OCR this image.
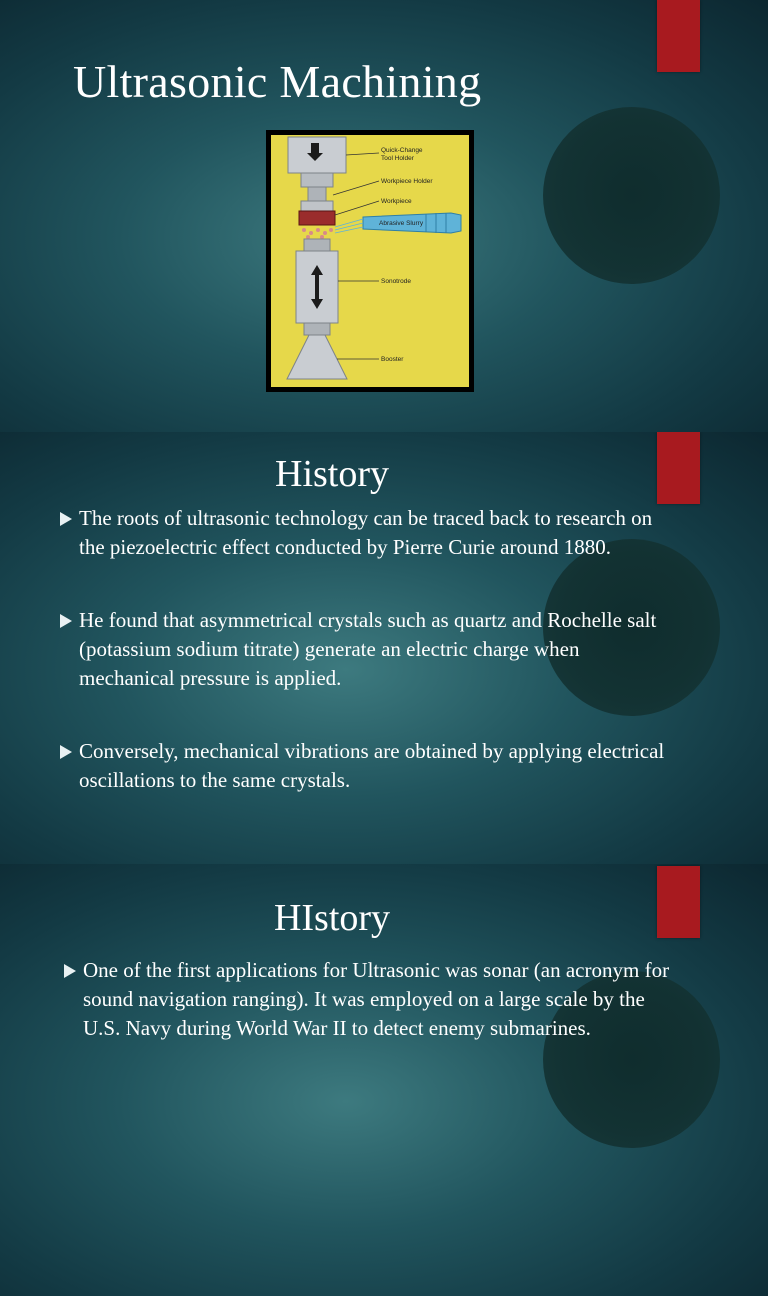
Ultrasonic Machining
Quick-Change
Tool Holder
Workpiece Holder
Workpiece
Abrasive Slurry
Sonotrode
Booster
History
The roots of ultrasonic technology can be traced back to research on the piezoelectric effect conducted by Pierre Curie around 1880.
He found that asymmetrical crystals such as quartz and Rochelle salt (potassium sodium titrate) generate an electric charge when mechanical pressure is applied.
Conversely, mechanical vibrations are obtained by applying electrical oscillations to the same crystals.
HIstory
One of the first applications for Ultrasonic was sonar (an acronym for sound navigation ranging). It was employed on a large scale by the U.S. Navy during World War II to detect enemy submarines.
